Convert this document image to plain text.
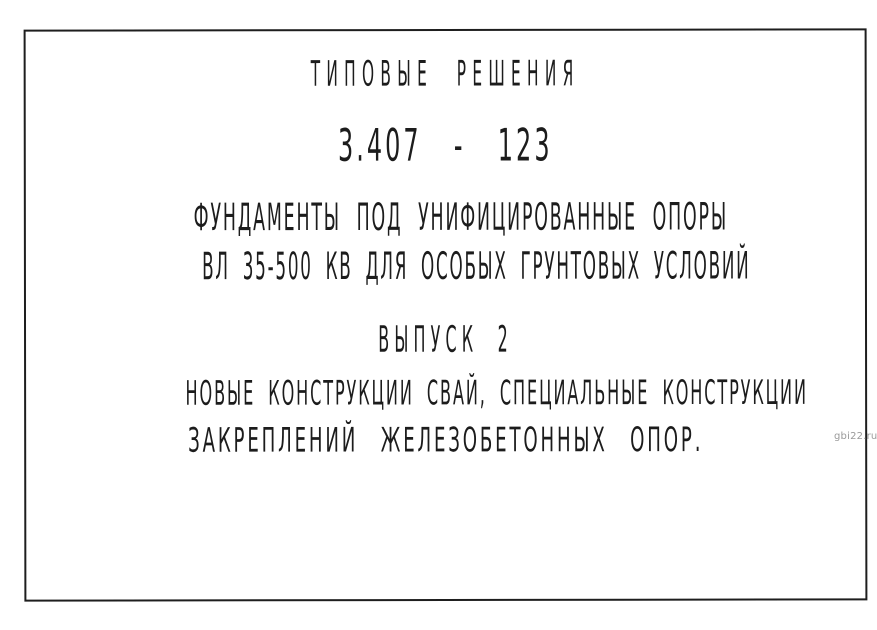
ТИПОВЫЕ РЕШЕНИЯ
3.407 - 123
ФУНДАМЕНТЫ ПОД УНИФИЦИРОВАННЫЕ ОПОРЫ
ВЛ 35-500 КВ ДЛЯ ОСОБЫХ ГРУНТОВЫХ УСЛОВИЙ
ВЫПУСК 2
НОВЫЕ КОНСТРУКЦИИ СВАЙ, СПЕЦИАЛЬНЫЕ КОНСТРУКЦИИ
ЗАКРЕПЛЕНИЙ ЖЕЛЕЗОБЕТОННЫХ ОПОР.	gbi22.ru
